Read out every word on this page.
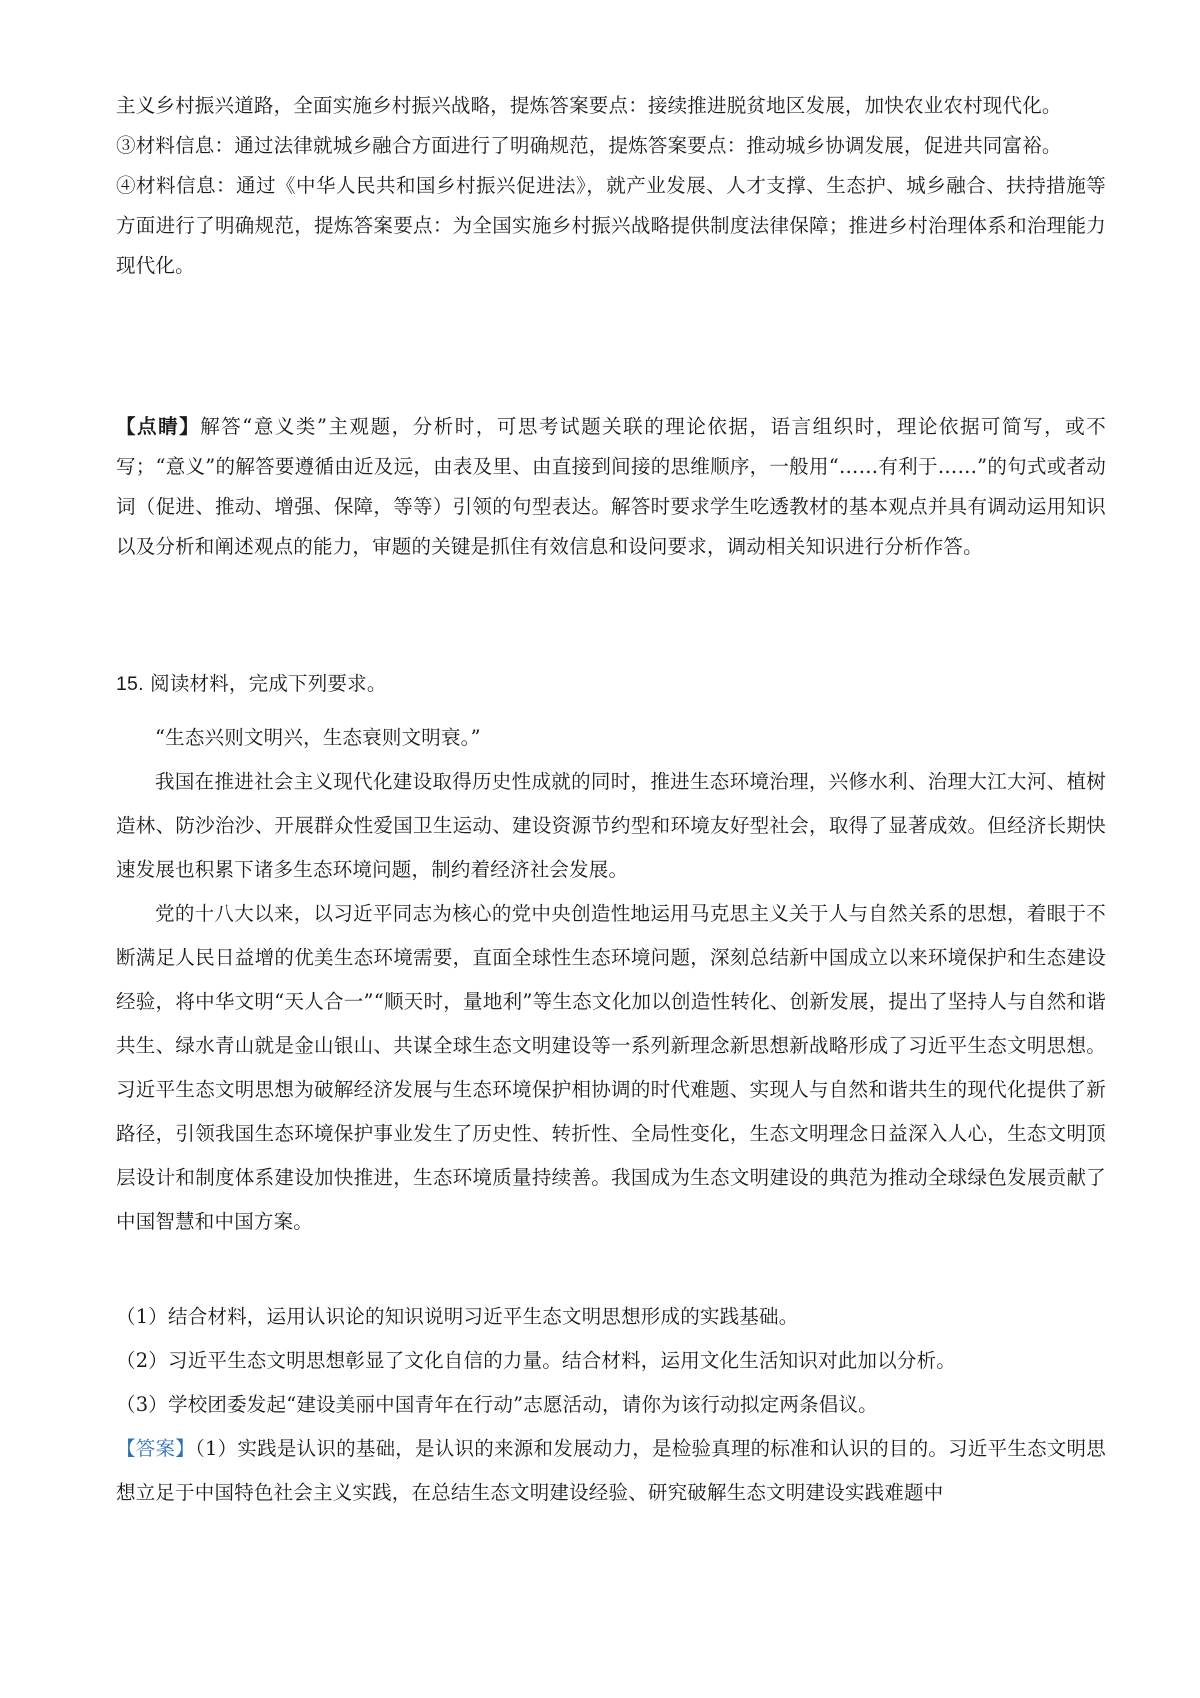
主义乡村振兴道路，全面实施乡村振兴战略，提炼答案要点：接续推进脱贫地区发展，加快农业农村现代化。

③材料信息：通过法律就城乡融合方面进行了明确规范，提炼答案要点：推动城乡协调发展，促进共同富裕。

④材料信息：通过《中华人民共和国乡村振兴促进法》，就产业发展、人才支撑、生态护、城乡融合、扶持措施等方面进行了明确规范，提炼答案要点：为全国实施乡村振兴战略提供制度法律保障；推进乡村治理体系和治理能力现代化。

【点睛】解答“意义类”主观题，分析时，可思考试题关联的理论依据，语言组织时，理论依据可简写，或不写；“意义”的解答要遵循由近及远，由表及里、由直接到间接的思维顺序，一般用“……有利于……”的句式或者动词（促进、推动、增强、保障，等等）引领的句型表达。解答时要求学生吃透教材的基本观点并具有调动运用知识以及分析和阐述观点的能力，审题的关键是抓住有效信息和设问要求，调动相关知识进行分析作答。

15. 阅读材料，完成下列要求。

“生态兴则文明兴，生态衰则文明衰。”

我国在推进社会主义现代化建设取得历史性成就的同时，推进生态环境治理，兴修水利、治理大江大河、植树造林、防沙治沙、开展群众性爱国卫生运动、建设资源节约型和环境友好型社会，取得了显著成效。但经济长期快速发展也积累下诸多生态环境问题，制约着经济社会发展。

党的十八大以来，以习近平同志为核心的党中央创造性地运用马克思主义关于人与自然关系的思想，着眼于不断满足人民日益增的优美生态环境需要，直面全球性生态环境问题，深刻总结新中国成立以来环境保护和生态建设经验，将中华文明“天人合一”“顺天时，量地利”等生态文化加以创造性转化、创新发展，提出了坚持人与自然和谐共生、绿水青山就是金山银山、共谋全球生态文明建设等一系列新理念新思想新战略形成了习近平生态文明思想。习近平生态文明思想为破解经济发展与生态环境保护相协调的时代难题、实现人与自然和谐共生的现代化提供了新路径，引领我国生态环境保护事业发生了历史性、转折性、全局性变化，生态文明理念日益深入人心，生态文明顶层设计和制度体系建设加快推进，生态环境质量持续善。我国成为生态文明建设的典范为推动全球绿色发展贡献了中国智慧和中国方案。

（1）结合材料，运用认识论的知识说明习近平生态文明思想形成的实践基础。

（2）习近平生态文明思想彰显了文化自信的力量。结合材料，运用文化生活知识对此加以分析。

（3）学校团委发起“建设美丽中国青年在行动”志愿活动，请你为该行动拟定两条倡议。

【答案】（1）实践是认识的基础，是认识的来源和发展动力，是检验真理的标准和认识的目的。习近平生态文明思想立足于中国特色社会主义实践，在总结生态文明建设经验、研究破解生态文明建设实践难题中
